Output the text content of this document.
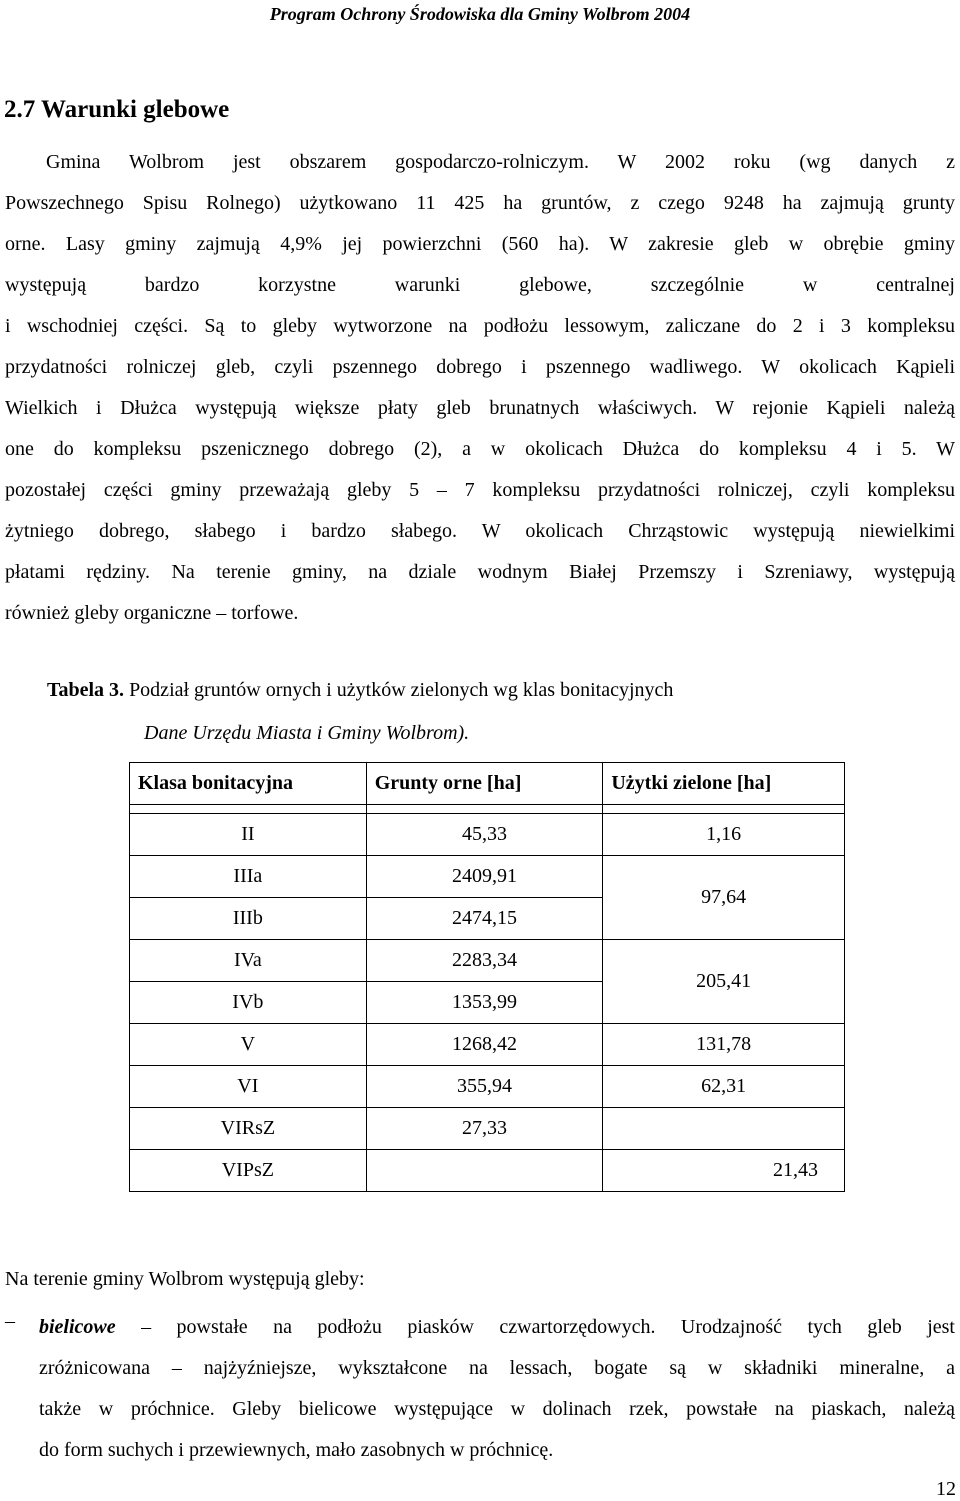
Program Ochrony Środowiska dla Gminy Wolbrom 2004
2.7 Warunki glebowe
Gmina Wolbrom jest obszarem gospodarczo-rolniczym. W 2002 roku (wg danych z
Powszechnego Spisu Rolnego) użytkowano 11 425 ha gruntów, z czego 9248 ha zajmują grunty
orne. Lasy gminy zajmują 4,9% jej powierzchni (560 ha). W zakresie gleb w obrębie gminy
występują bardzo korzystne warunki glebowe, szczególnie w centralnej
i wschodniej części. Są to gleby wytworzone na podłożu lessowym, zaliczane do 2 i 3 kompleksu
przydatności rolniczej gleb, czyli pszennego dobrego i pszennego wadliwego. W okolicach Kąpieli
Wielkich i Dłużca występują większe płaty gleb brunatnych właściwych. W rejonie Kąpieli należą
one do kompleksu pszenicznego dobrego (2), a w okolicach Dłużca do kompleksu 4 i 5. W
pozostałej części gminy przeważają gleby 5 – 7 kompleksu przydatności rolniczej, czyli kompleksu
żytniego dobrego, słabego i bardzo słabego. W okolicach Chrząstowic występują niewielkimi
płatami rędziny. Na terenie gminy, na dziale wodnym Białej Przemszy i Szreniawy, występują
również gleby organiczne – torfowe.
Tabela 3. Podział gruntów ornych i użytków zielonych wg klas bonitacyjnych
Dane Urzędu Miasta i Gminy Wolbrom).
Klasa bonitacyjna	Grunty orne [ha]	Użytki zielone [ha]

II	45,33	1,16
IIIa	2409,91	97,64
IIIb	2474,15	
IVa	2283,34	205,41
IVb	1353,99	
V	1268,42	131,78
VI	355,94	62,31
VIRsZ	27,33	
VIPsZ		21,43
Na terenie gminy Wolbrom występują gleby:
– bielicowe – powstałe na podłożu piasków czwartorzędowych. Urodzajność tych gleb jest
zróżnicowana – najżyźniejsze, wykształcone na lessach, bogate są w składniki mineralne, a
także w próchnice. Gleby bielicowe występujące w dolinach rzek, powstałe na piaskach, należą
do form suchych i przewiewnych, mało zasobnych w próchnicę.
12
